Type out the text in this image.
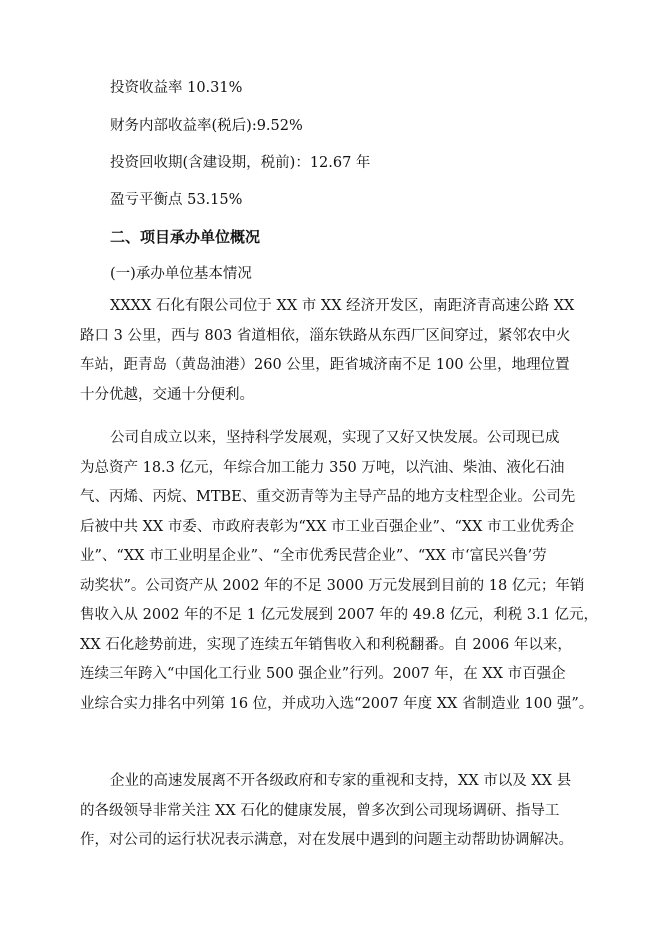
投资收益率 10.31%
财务内部收益率(税后):9.52%
投资回收期(含建设期，税前)：12.67 年
盈亏平衡点 53.15%
二、项目承办单位概况
(一)承办单位基本情况
XXXX 石化有限公司位于 XX 市 XX 经济开发区，南距济青高速公路 XX
路口 3 公里，西与 803 省道相依，淄东铁路从东西厂区间穿过，紧邻农中火
车站，距青岛（黄岛油港）260 公里，距省城济南不足 100 公里，地理位置
十分优越，交通十分便利。
公司自成立以来，坚持科学发展观，实现了又好又快发展。公司现已成
为总资产 18.3 亿元，年综合加工能力 350 万吨，以汽油、柴油、液化石油
气、丙烯、丙烷、MTBE、重交沥青等为主导产品的地方支柱型企业。公司先
后被中共 XX 市委、市政府表彰为“XX 市工业百强企业”、“XX 市工业优秀企
业”、“XX 市工业明星企业”、“全市优秀民营企业”、“XX 市‘富民兴鲁’劳
动奖状”。公司资产从 2002 年的不足 3000 万元发展到目前的 18 亿元；年销
售收入从 2002 年的不足 1 亿元发展到 2007 年的 49.8 亿元，利税 3.1 亿元，
XX 石化趁势前进，实现了连续五年销售收入和利税翻番。自 2006 年以来，
连续三年跨入“中国化工行业 500 强企业”行列。2007 年，在 XX 市百强企
业综合实力排名中列第 16 位，并成功入选“2007 年度 XX 省制造业 100 强”。
企业的高速发展离不开各级政府和专家的重视和支持，XX 市以及 XX 县
的各级领导非常关注 XX 石化的健康发展，曾多次到公司现场调研、指导工
作，对公司的运行状况表示满意，对在发展中遇到的问题主动帮助协调解决。
